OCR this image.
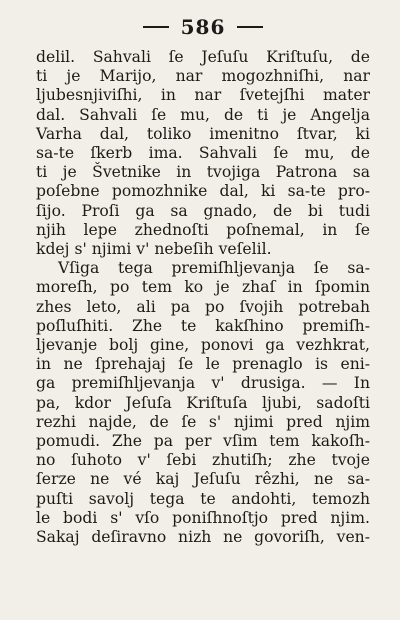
586
delil. Sahvali ſe Jeſuſu Kriſtuſu, de
ti je Marijo, nar mogozhniſhi, nar
ljubesnjiviſhi, in nar ſvetejſhi mater
dal. Sahvali ſe mu, de ti je Angelja
Varha dal, toliko imenitno ſtvar, ki
sa-te ſkerb ima. Sahvali ſe mu, de
ti je Švetnike in tvojiga Patrona sa
poſebne pomozhnike dal, ki sa-te pro-
ſijo. Proſi ga sa gnado, de bi tudi
njih lepe zhednoſti poſnemal, in ſe
kdej s' njimi v' nebeſih veſelil.
Vſiga tega premiſhljevanja ſe sa-
moreſh, po tem ko je zhaſ in ſpomin
zhes leto, ali pa po ſvojih potrebah
poſluſhiti. Zhe te kakſhino premiſh-
ljevanje bolj gine, ponovi ga vezhkrat,
in ne ſprehajaj ſe le prenaglo is eni-
ga premiſhljevanja v' drusiga. — In
pa, kdor Jeſuſa Kriſtuſa ljubi, sadoſti
rezhi najde, de ſe s' njimi pred njim
pomudi. Zhe pa per vſim tem kakoſh-
no ſuhoto v' ſebi zhutiſh; zhe tvoje
ſerze ne vé kaj Jeſuſu rêzhi, ne sa-
puſti savolj tega te andohti, temozh
le bodi s' vſo poniſhnoſtjo pred njim.
Sakaj deſiravno nizh ne govoriſh, ven-
